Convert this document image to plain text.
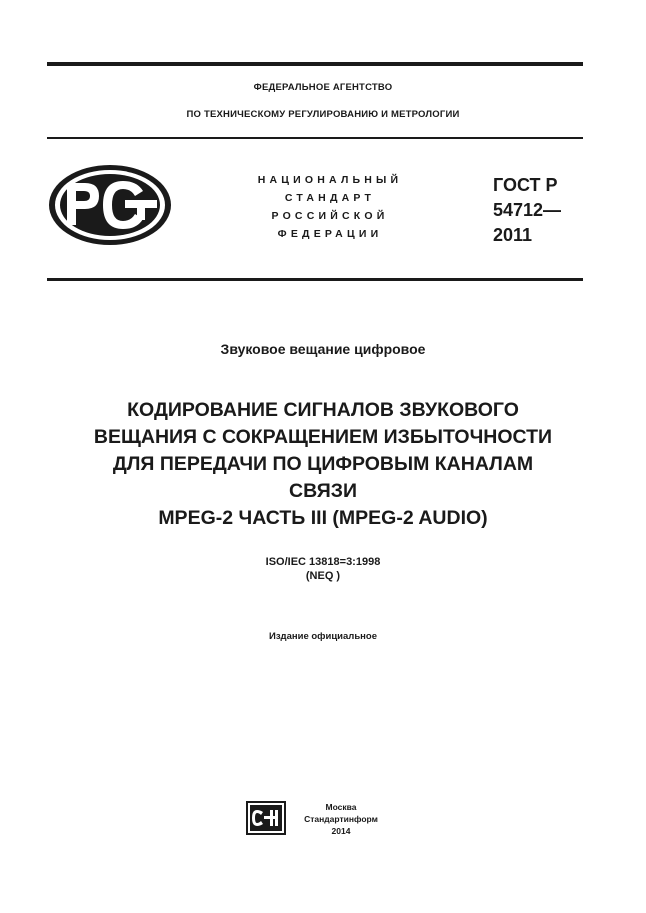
ФЕДЕРАЛЬНОЕ АГЕНТСТВО
ПО ТЕХНИЧЕСКОМУ РЕГУЛИРОВАНИЮ И МЕТРОЛОГИИ
НАЦИОНАЛЬНЫЙ
СТАНДАРТ
РОССИЙСКОЙ
ФЕДЕРАЦИИ
ГОСТ Р
54712—
2011
Звуковое вещание цифровое
КОДИРОВАНИЕ СИГНАЛОВ ЗВУКОВОГО
ВЕЩАНИЯ С СОКРАЩЕНИЕМ ИЗБЫТОЧНОСТИ
ДЛЯ ПЕРЕДАЧИ ПО ЦИФРОВЫМ КАНАЛАМ
СВЯЗИ
MPEG-2 ЧАСТЬ III (MPEG-2 AUDIO)
ISO/IEC 13818=3:1998
(NEQ )
Издание официальное
Москва
Стандартинформ
2014
